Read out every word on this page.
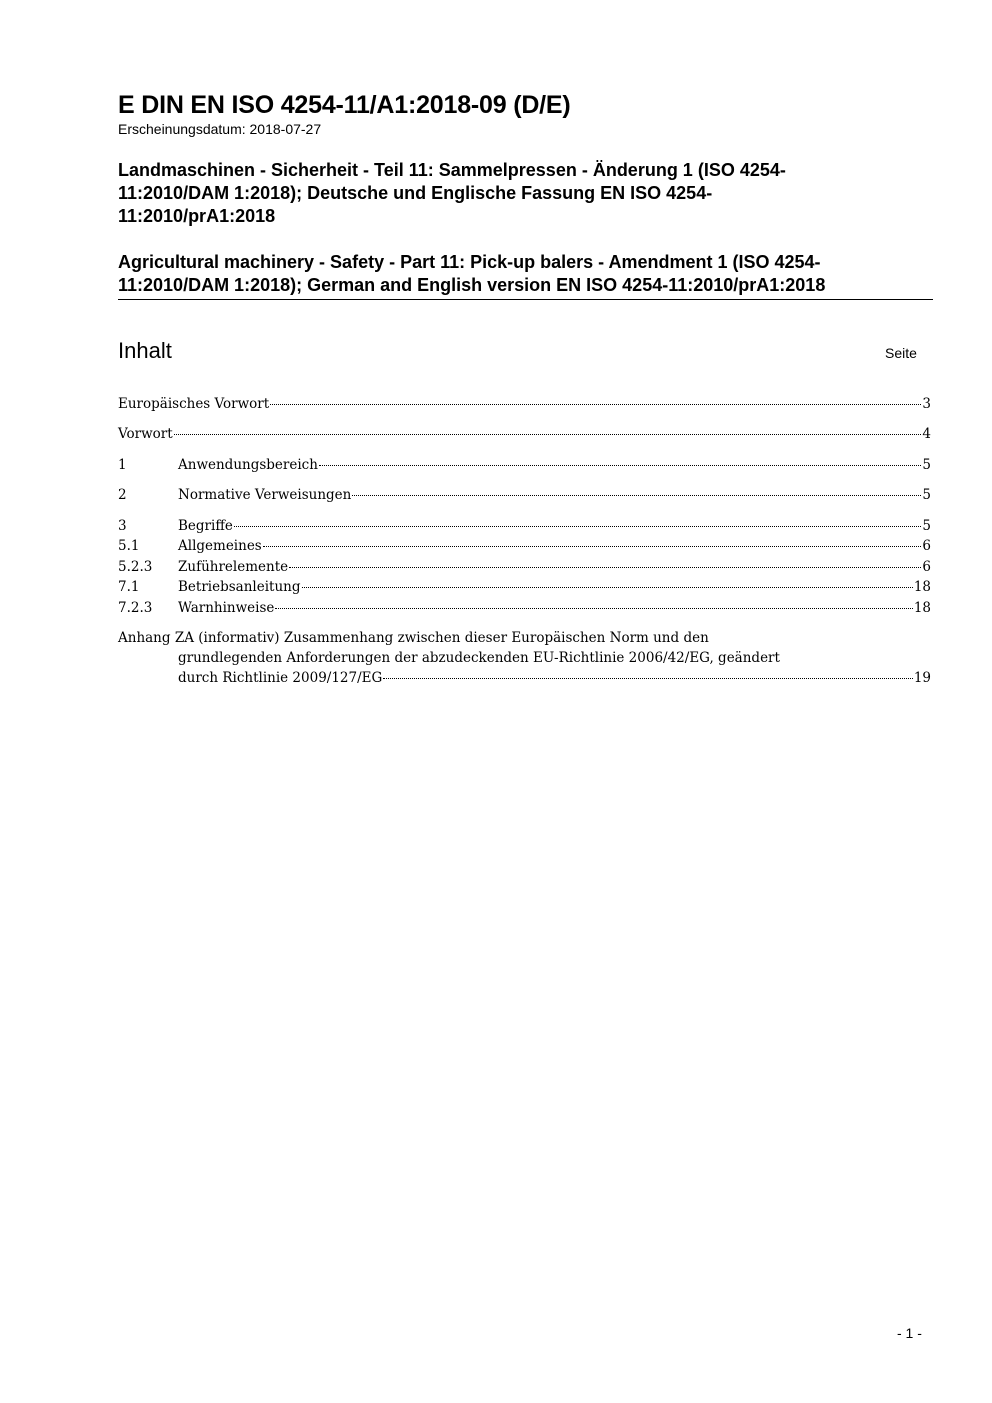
E DIN EN ISO 4254-11/A1:2018-09 (D/E)
Erscheinungsdatum: 2018-07-27
Landmaschinen - Sicherheit - Teil 11: Sammelpressen - Änderung 1 (ISO 4254-
11:2010/DAM 1:2018); Deutsche und Englische Fassung EN ISO 4254-
11:2010/prA1:2018
Agricultural machinery - Safety - Part 11: Pick-up balers - Amendment 1 (ISO 4254-
11:2010/DAM 1:2018); German and English version EN ISO 4254-11:2010/prA1:2018
Inhalt	Seite
Europäisches Vorwort	3
Vorwort	4
1	Anwendungsbereich	5
2	Normative Verweisungen	5
3	Begriffe	5
5.1	Allgemeines	6
5.2.3	Zuführelemente	6
7.1	Betriebsanleitung	18
7.2.3	Warnhinweise	18
Anhang ZA (informativ) Zusammenhang zwischen dieser Europäischen Norm und den
grundlegenden Anforderungen der abzudeckenden EU-Richtlinie 2006/42/EG, geändert
durch Richtlinie 2009/127/EG	19
- 1 -
